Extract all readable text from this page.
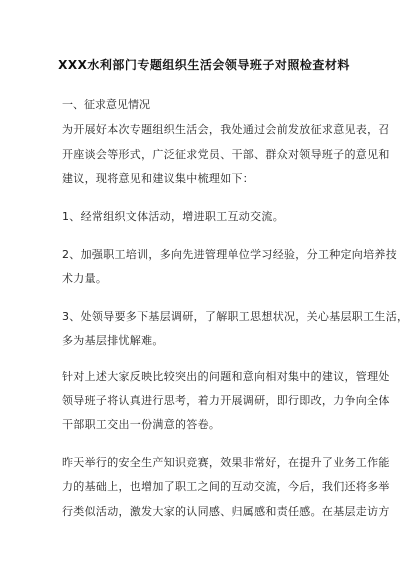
XXX水利部门专题组织生活会领导班子对照检查材料
一、征求意见情况
为开展好本次专题组织生活会，我处通过会前发放征求意见表，召
开座谈会等形式，广泛征求党员、干部、群众对领导班子的意见和
建议，现将意见和建议集中梳理如下：
1、经常组织文体活动，增进职工互动交流。
2、加强职工培训，多向先进管理单位学习经验，分工种定向培养技
术力量。
3、处领导要多下基层调研，了解职工思想状况，关心基层职工生活，
多为基层排忧解难。
针对上述大家反映比较突出的问题和意向相对集中的建议，管理处
领导班子将认真进行思考，着力开展调研，即行即改，力争向全体
干部职工交出一份满意的答卷。
昨天举行的安全生产知识竞赛，效果非常好，在提升了业务工作能
力的基础上，也增加了职工之间的互动交流，今后，我们还将多举
行类似活动，激发大家的认同感、归属感和责任感。在基层走访方
